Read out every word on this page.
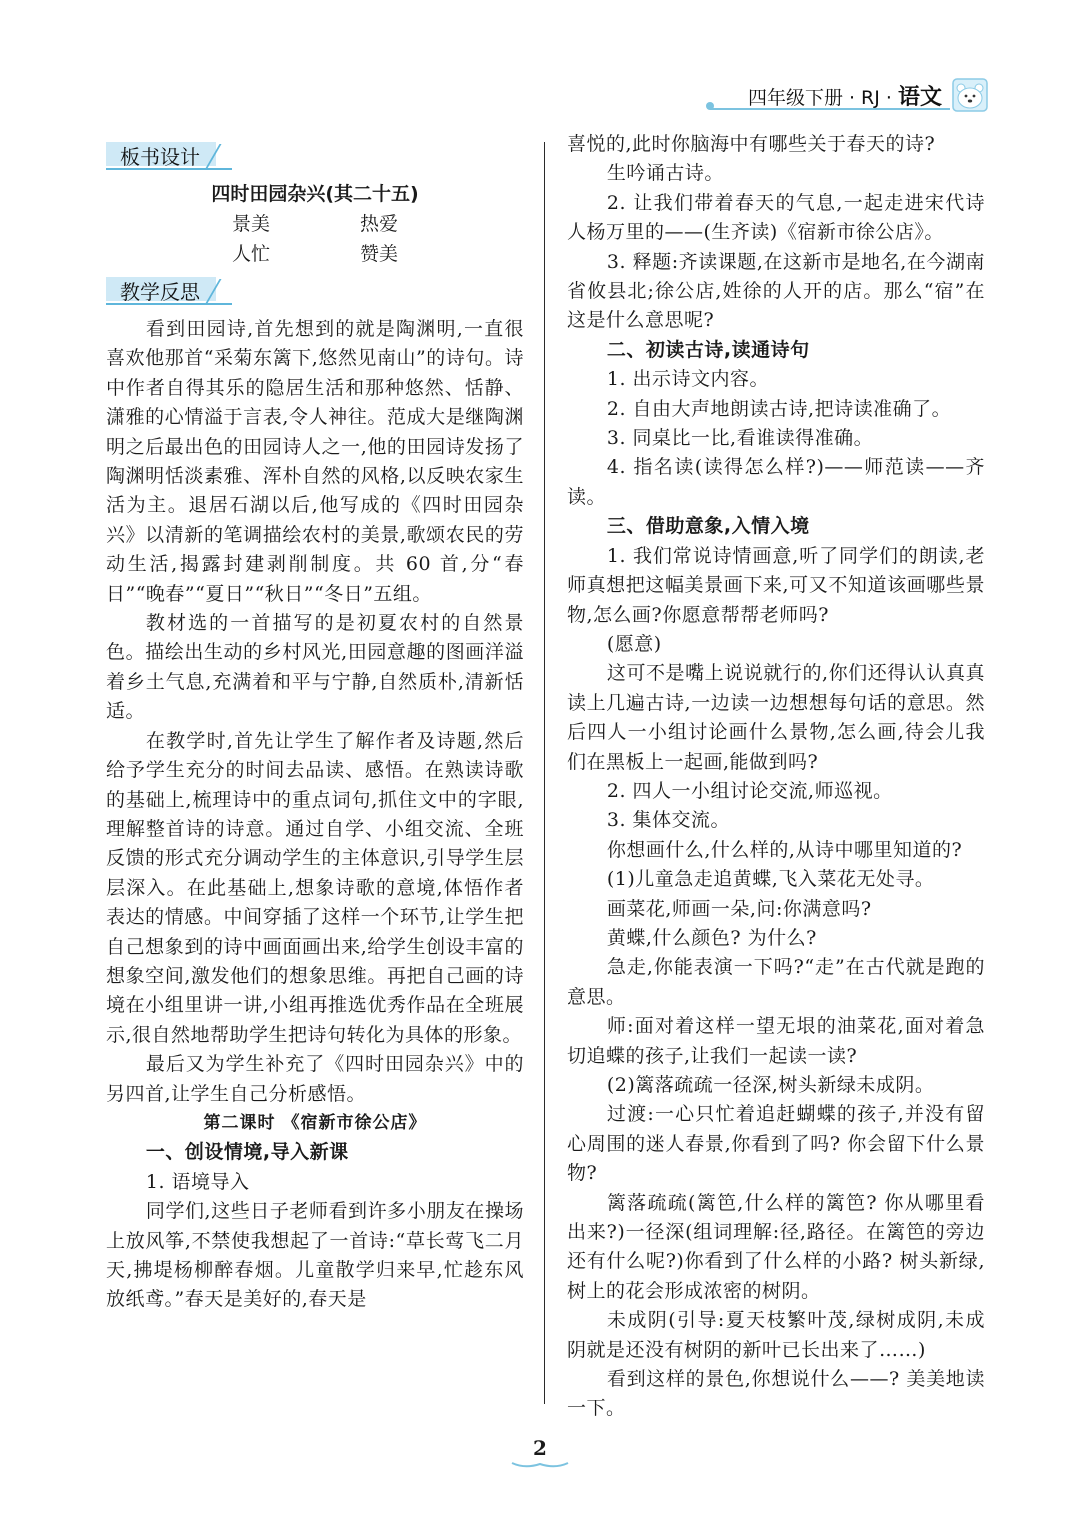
四年级下册 · RJ · 语文
板书设计
四时田园杂兴(其二十五)
景美	热爱
人忙	赞美
教学反思

看到田园诗,首先想到的就是陶渊明,一直很喜欢他那首“采菊东篱下,悠然见南山”的诗句。诗中作者自得其乐的隐居生活和那种悠然、恬静、潇雅的心情溢于言表,令人神往。范成大是继陶渊明之后最出色的田园诗人之一,他的田园诗发扬了陶渊明恬淡素雅、浑朴自然的风格,以反映农家生活为主。退居石湖以后,他写成的《四时田园杂兴》以清新的笔调描绘农村的美景,歌颂农民的劳动生活,揭露封建剥削制度。共 60 首,分“春日”“晚春”“夏日”“秋日”“冬日”五组。

教材选的一首描写的是初夏农村的自然景色。描绘出生动的乡村风光,田园意趣的图画洋溢着乡土气息,充满着和平与宁静,自然质朴,清新恬适。

在教学时,首先让学生了解作者及诗题,然后给予学生充分的时间去品读、感悟。在熟读诗歌的基础上,梳理诗中的重点词句,抓住文中的字眼,理解整首诗的诗意。通过自学、小组交流、全班反馈的形式充分调动学生的主体意识,引导学生层层深入。在此基础上,想象诗歌的意境,体悟作者表达的情感。中间穿插了这样一个环节,让学生把自己想象到的诗中画面画出来,给学生创设丰富的想象空间,激发他们的想象思维。再把自己画的诗境在小组里讲一讲,小组再推选优秀作品在全班展示,很自然地帮助学生把诗句转化为具体的形象。

最后又为学生补充了《四时田园杂兴》中的另四首,让学生自己分析感悟。

第二课时 《宿新市徐公店》

一、创设情境,导入新课

1. 语境导入

同学们,这些日子老师看到许多小朋友在操场上放风筝,不禁使我想起了一首诗:“草长莺飞二月天,拂堤杨柳醉春烟。儿童散学归来早,忙趁东风放纸鸢。”春天是美好的,春天是

喜悦的,此时你脑海中有哪些关于春天的诗?

生吟诵古诗。

2. 让我们带着春天的气息,一起走进宋代诗人杨万里的——(生齐读)《宿新市徐公店》。

3. 释题:齐读课题,在这新市是地名,在今湖南省攸县北;徐公店,姓徐的人开的店。那么“宿”在这是什么意思呢?

二、初读古诗,读通诗句

1. 出示诗文内容。

2. 自由大声地朗读古诗,把诗读准确了。

3. 同桌比一比,看谁读得准确。

4. 指名读(读得怎么样?)——师范读——齐读。

三、借助意象,入情入境

1. 我们常说诗情画意,听了同学们的朗读,老师真想把这幅美景画下来,可又不知道该画哪些景物,怎么画?你愿意帮帮老师吗?

(愿意)

这可不是嘴上说说就行的,你们还得认认真真读上几遍古诗,一边读一边想想每句话的意思。然后四人一小组讨论画什么景物,怎么画,待会儿我们在黑板上一起画,能做到吗?

2. 四人一小组讨论交流,师巡视。

3. 集体交流。

你想画什么,什么样的,从诗中哪里知道的?

(1)儿童急走追黄蝶,飞入菜花无处寻。

画菜花,师画一朵,问:你满意吗?

黄蝶,什么颜色? 为什么?

急走,你能表演一下吗?“走”在古代就是跑的意思。

师:面对着这样一望无垠的油菜花,面对着急切追蝶的孩子,让我们一起读一读?

(2)篱落疏疏一径深,树头新绿未成阴。

过渡:一心只忙着追赶蝴蝶的孩子,并没有留心周围的迷人春景,你看到了吗? 你会留下什么景物?

篱落疏疏(篱笆,什么样的篱笆? 你从哪里看出来?)一径深(组词理解:径,路径。在篱笆的旁边还有什么呢?)你看到了什么样的小路? 树头新绿,树上的花会形成浓密的树阴。

未成阴(引导:夏天枝繁叶茂,绿树成阴,未成阴就是还没有树阴的新叶已长出来了……)

看到这样的景色,你想说什么——? 美美地读一下。

2
